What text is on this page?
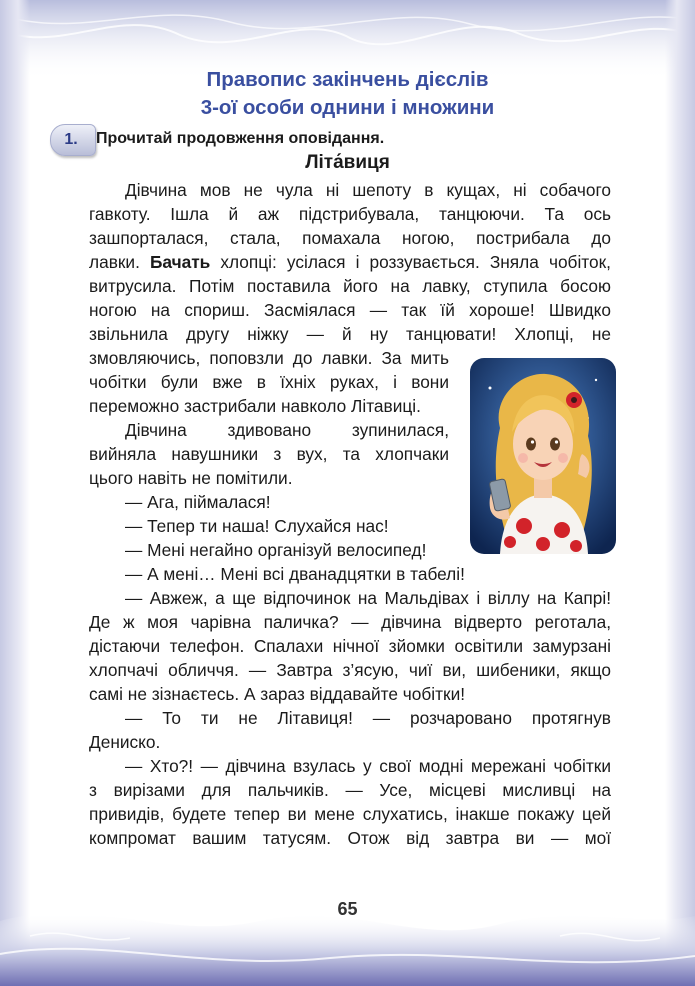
Правопис закінчень дієслів
3-ої особи однини і множини
1.	Прочитай продовження оповідання.
Літа́виця
Дівчина мов не чула ні шепоту в кущах, ні собачого
гавкоту. Ішла й аж підстрибувала, танцюючи. Та ось
зашпорталася, стала, помахала ногою, пострибала до
лавки. Бачать хлопці: усілася і роззувається. Зняла чобіток,
витрусила. Потім поставила його на лавку, ступила босою
ногою на спориш. Засміялася — так їй хороше! Швидко
звільнила другу ніжку — й ну танцювати! Хлопці, не
змовляючись, поповзли до лавки. За мить
чобітки були вже в їхніх руках, і вони
переможно застрибали навколо Літавиці.
Дівчина здивовано зупинилася,
вийняла навушники з вух, та хлопчаки
цього навіть не помітили.
— Ага, піймалася!
— Тепер ти наша! Слухайся нас!
— Мені негайно організуй велосипед!
— А мені… Мені всі дванадцятки в табелі!
— Авжеж, а ще відпочинок на Мальдівах і віллу на Капрі!
Де ж моя чарівна паличка? — дівчина відверто реготала,
дістаючи телефон. Спалахи нічної зйомки освітили замурзані
хлопчачі обличчя. — Завтра з’ясую, чиї ви, шибеники, якщо
самі не зізнаєтесь. А зараз віддавайте чобітки!
— То ти не Літавиця! — розчаровано протягнув
Дениско.
— Хто?! — дівчина взулась у свої модні мережані чобітки
з вирізами для пальчиків. — Усе, місцеві мисливці на
привидів, будете тепер ви мене слухатись, інакше покажу цей
компромат вашим татусям. Отож від завтра ви — мої
65
